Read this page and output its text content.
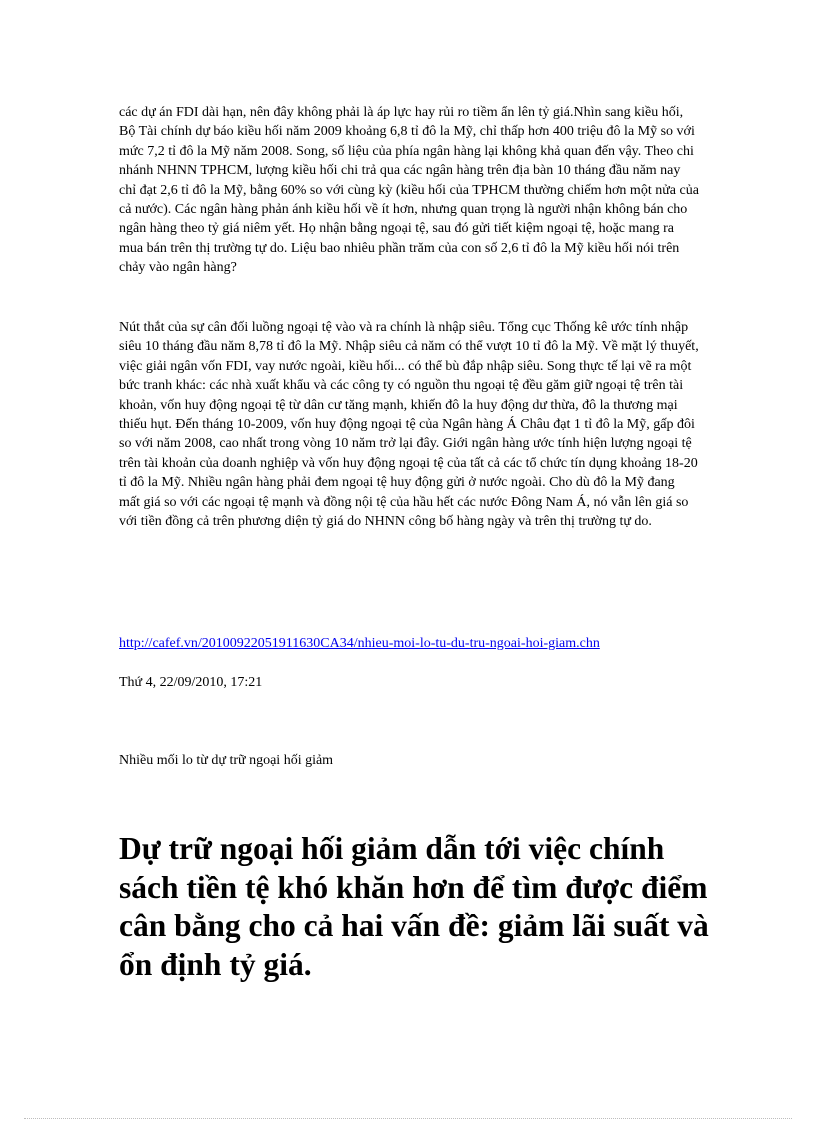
các dự án FDI dài hạn, nên đây không phải là áp lực hay rủi ro tiềm ẩn lên tỷ giá.Nhìn sang kiều hối, Bộ Tài chính dự báo kiều hối năm 2009 khoảng 6,8 tỉ đô la Mỹ, chỉ thấp hơn 400 triệu đô la Mỹ so với mức 7,2 tỉ đô la Mỹ năm 2008. Song, số liệu của phía ngân hàng lại không khả quan đến vậy. Theo chi nhánh NHNN TPHCM, lượng kiều hối chi trả qua các ngân hàng trên địa bàn 10 tháng đầu năm nay chỉ đạt 2,6 tỉ đô la Mỹ, bằng 60% so với cùng kỳ (kiều hối của TPHCM thường chiếm hơn một nửa của cả nước). Các ngân hàng phản ánh kiều hối về ít hơn, nhưng quan trọng là người nhận không bán cho ngân hàng theo tỷ giá niêm yết. Họ nhận bằng ngoại tệ, sau đó gửi tiết kiệm ngoại tệ, hoặc mang ra mua bán trên thị trường tự do. Liệu bao nhiêu phần trăm của con số 2,6 tỉ đô la Mỹ kiều hối nói trên chảy vào ngân hàng?

Nút thắt của sự cân đối luồng ngoại tệ vào và ra chính là nhập siêu. Tổng cục Thống kê ước tính nhập siêu 10 tháng đầu năm 8,78 tỉ đô la Mỹ. Nhập siêu cả năm có thể vượt 10 tỉ đô la Mỹ. Về mặt lý thuyết, việc giải ngân vốn FDI, vay nước ngoài, kiều hối... có thể bù đắp nhập siêu. Song thực tế lại vẽ ra một bức tranh khác: các nhà xuất khẩu và các công ty có nguồn thu ngoại tệ đều găm giữ ngoại tệ trên tài khoản, vốn huy động ngoại tệ từ dân cư tăng mạnh, khiến đô la huy động dư thừa, đô la thương mại thiếu hụt. Đến tháng 10-2009, vốn huy động ngoại tệ của Ngân hàng Á Châu đạt 1 tỉ đô la Mỹ, gấp đôi so với năm 2008, cao nhất trong vòng 10 năm trở lại đây. Giới ngân hàng ước tính hiện lượng ngoại tệ trên tài khoản của doanh nghiệp và vốn huy động ngoại tệ của tất cả các tổ chức tín dụng khoảng 18-20 tỉ đô la Mỹ. Nhiều ngân hàng phải đem ngoại tệ huy động gửi ở nước ngoài. Cho dù đô la Mỹ đang mất giá so với các ngoại tệ mạnh và đồng nội tệ của hầu hết các nước Đông Nam Á, nó vẫn lên giá so với tiền đồng cả trên phương diện tỷ giá do NHNN công bố hàng ngày và trên thị trường tự do.

http://cafef.vn/20100922051911630CA34/nhieu-moi-lo-tu-du-tru-ngoai-hoi-giam.chn
Thứ 4, 22/09/2010, 17:21
Nhiều mối lo từ dự trữ ngoại hối giảm
Dự trữ ngoại hối giảm dẫn tới việc chính sách tiền tệ khó khăn hơn để tìm được điểm cân bằng cho cả hai vấn đề: giảm lãi suất và ổn định tỷ giá.
